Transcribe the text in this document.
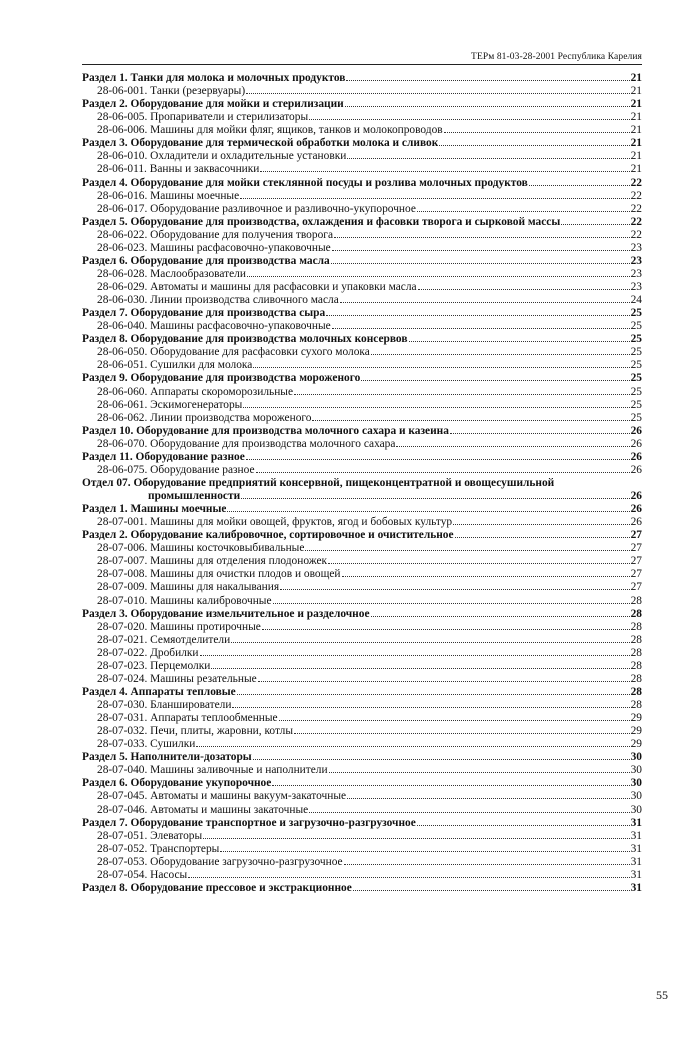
ТЕРм 81-03-28-2001 Республика Карелия
Раздел 1. Танки для молока и молочных продуктов	21
28-06-001. Танки (резервуары)	21
Раздел 2. Оборудование для мойки и стерилизации	21
28-06-005. Пропариватели и стерилизаторы	21
28-06-006. Машины для мойки фляг, ящиков, танков и молокопроводов	21
Раздел 3. Оборудование для термической обработки молока и сливок	21
28-06-010. Охладители и охладительные установки	21
28-06-011. Ванны и заквасочники	21
Раздел 4. Оборудование для мойки стеклянной посуды и розлива молочных продуктов	22
28-06-016. Машины моечные	22
28-06-017. Оборудование разливочное и разливочно-укупорочное	22
Раздел 5. Оборудование для производства, охлаждения и фасовки творога и сырковой массы	22
28-06-022. Оборудование для получения творога	22
28-06-023. Машины расфасовочно-упаковочные	23
Раздел 6. Оборудование для производства масла	23
28-06-028. Маслообразователи	23
28-06-029. Автоматы и машины для расфасовки и упаковки масла	23
28-06-030. Линии производства сливочного масла	24
Раздел 7. Оборудование для производства сыра	25
28-06-040. Машины расфасовочно-упаковочные	25
Раздел 8. Оборудование для производства молочных консервов	25
28-06-050. Оборудование для расфасовки сухого молока	25
28-06-051. Сушилки для молока	25
Раздел 9. Оборудование для производства мороженого	25
28-06-060. Аппараты скороморозильные	25
28-06-061. Эскимогенераторы	25
28-06-062. Линии производства мороженого	25
Раздел 10. Оборудование для производства молочного сахара и казеина	26
28-06-070. Оборудование для производства молочного сахара	26
Раздел 11. Оборудование разное	26
28-06-075. Оборудование разное	26
Отдел 07. Оборудование предприятий консервной, пищеконцентратной и овощесушильной
промышленности	26
Раздел 1. Машины моечные	26
28-07-001. Машины для мойки овощей, фруктов, ягод и бобовых культур	26
Раздел 2. Оборудование калибровочное, сортировочное и очистительное	27
28-07-006. Машины косточковыбивальные	27
28-07-007. Машины для отделения плодоножек	27
28-07-008. Машины для очистки плодов и овощей	27
28-07-009. Машины для накалывания	27
28-07-010. Машины калибровочные	28
Раздел 3. Оборудование измельчительное и разделочное	28
28-07-020. Машины протирочные	28
28-07-021. Семяотделители	28
28-07-022. Дробилки	28
28-07-023. Перцемолки	28
28-07-024. Машины резательные	28
Раздел 4. Аппараты тепловые	28
28-07-030. Бланширователи	28
28-07-031. Аппараты теплообменные	29
28-07-032. Печи, плиты, жаровни, котлы	29
28-07-033. Сушилки	29
Раздел 5. Наполнители-дозаторы	30
28-07-040. Машины заливочные и наполнители	30
Раздел 6. Оборудование укупорочное	30
28-07-045. Автоматы и машины вакуум-закаточные	30
28-07-046. Автоматы и машины закаточные	30
Раздел 7. Оборудование транспортное и загрузочно-разгрузочное	31
28-07-051. Элеваторы	31
28-07-052. Транспортеры	31
28-07-053. Оборудование загрузочно-разгрузочное	31
28-07-054. Насосы	31
Раздел 8. Оборудование прессовое и экстракционное	31
55
